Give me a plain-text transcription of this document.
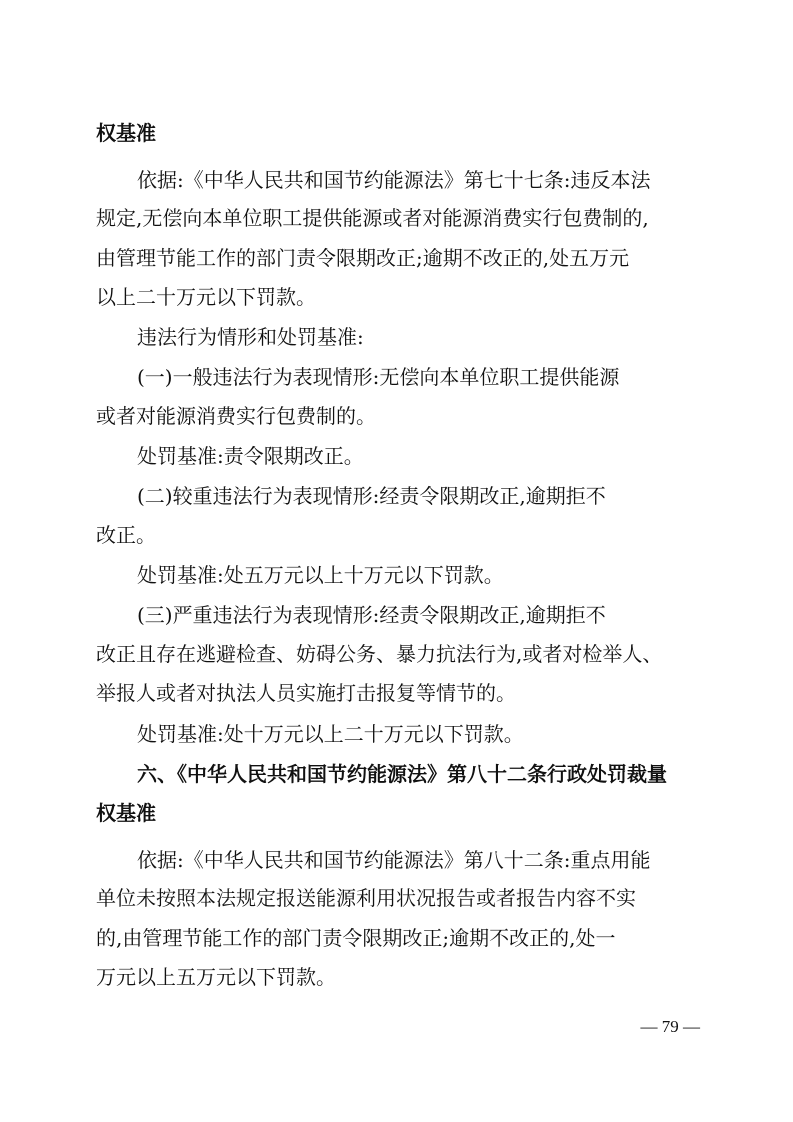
权基准
依据:《中华人民共和国节约能源法》第七十七条:违反本法
规定,无偿向本单位职工提供能源或者对能源消费实行包费制的,
由管理节能工作的部门责令限期改正;逾期不改正的,处五万元
以上二十万元以下罚款。
违法行为情形和处罚基准:
(一)一般违法行为表现情形:无偿向本单位职工提供能源
或者对能源消费实行包费制的。
处罚基准:责令限期改正。
(二)较重违法行为表现情形:经责令限期改正,逾期拒不
改正。
处罚基准:处五万元以上十万元以下罚款。
(三)严重违法行为表现情形:经责令限期改正,逾期拒不
改正且存在逃避检查、妨碍公务、暴力抗法行为,或者对检举人、
举报人或者对执法人员实施打击报复等情节的。
处罚基准:处十万元以上二十万元以下罚款。
六、《中华人民共和国节约能源法》第八十二条行政处罚裁量
权基准
依据:《中华人民共和国节约能源法》第八十二条:重点用能
单位未按照本法规定报送能源利用状况报告或者报告内容不实
的,由管理节能工作的部门责令限期改正;逾期不改正的,处一
万元以上五万元以下罚款。
— 79 —
